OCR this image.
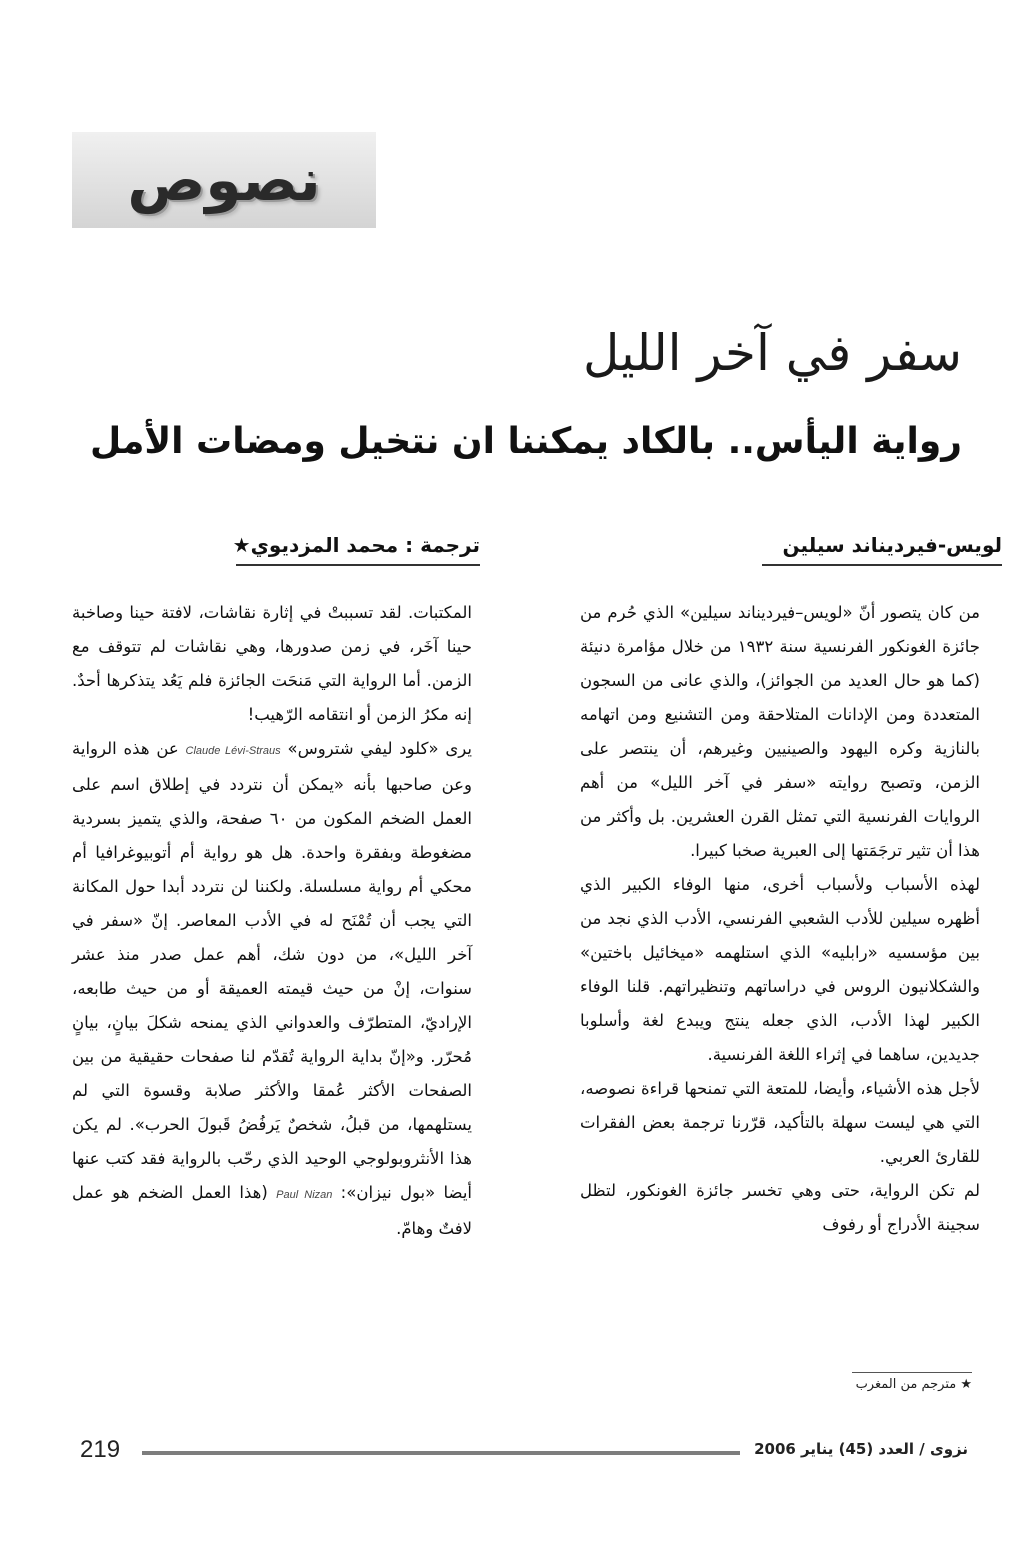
نصوص
سفر في آخر الليل
رواية اليأس.. بالكاد يمكننا ان نتخيل ومضات الأمل
لويس-فيرديناند سيلين
ترجمة : محمد المزديوي★

من كان يتصور أنّ «لويس–فيرديناند سيلين» الذي حُرم من جائزة الغونكور الفرنسية سنة ١٩٣٢ من خلال مؤامرة دنيئة (كما هو حال العديد من الجوائز)، والذي عانى من السجون المتعددة ومن الإدانات المتلاحقة ومن التشنيع ومن اتهامه بالنازية وكره اليهود والصينيين وغيرهم، أن ينتصر على الزمن، وتصبح روايته «سفر في آخر الليل» من أهم الروايات الفرنسية التي تمثل القرن العشرين. بل وأكثر من هذا أن تثير ترجَمَتها إلى العبرية صخبا كبيرا.

لهذه الأسباب ولأسباب أخرى، منها الوفاء الكبير الذي أظهره سيلين للأدب الشعبي الفرنسي، الأدب الذي نجد من بين مؤسسيه «رابليه» الذي استلهمه «ميخائيل باختين» والشكلانيون الروس في دراساتهم وتنظيراتهم. قلنا الوفاء الكبير لهذا الأدب، الذي جعله ينتج ويبدع لغة وأسلوبا جديدين، ساهما في إثراء اللغة الفرنسية.

لأجل هذه الأشياء، وأيضا، للمتعة التي تمنحها قراءة نصوصه، التي هي ليست سهلة بالتأكيد، قرّرنا ترجمة بعض الفقرات للقارئ العربي.

لم تكن الرواية، حتى وهي تخسر جائزة الغونكور، لتظل سجينة الأدراج أو رفوف

المكتبات. لقد تسببتْ في إثارة نقاشات، لافتة حينا وصاخبة حينا آخَر، في زمن صدورها، وهي نقاشات لم تتوقف مع الزمن. أما الرواية التي مَنحَت الجائزة فلم يَعُد يتذكرها أحدٌ. إنه مكرُ الزمن أو انتقامه الرّهيب!

يرى «كلود ليفي شتروس» Claude Lévi-Straus عن هذه الرواية وعن صاحبها بأنه «يمكن أن نتردد في إطلاق اسم على العمل الضخم المكون من ٦٠ صفحة، والذي يتميز بسردية مضغوطة وبفقرة واحدة. هل هو رواية أم أتوبيوغرافيا أم محكي أم رواية مسلسلة. ولكننا لن نتردد أبدا حول المكانة التي يجب أن تُمْنَح له في الأدب المعاصر. إنّ «سفر في آخر الليل»، من دون شك، أهم عمل صدر منذ عشر سنوات، إنْ من حيث قيمته العميقة أو من حيث طابعه، الإراديّ، المتطرّف والعدواني الذي يمنحه شكلَ بيانٍ، بيانٍ مُحرّر. و«إنّ بداية الرواية تُقدّم لنا صفحات حقيقية من بين الصفحات الأكثر عُمقا والأكثر صلابة وقسوة التي لم يستلهمها، من قبلُ، شخصٌ يَرفُضُ قَبولَ الحرب». لم يكن هذا الأنثروبولوجي الوحيد الذي رحّب بالرواية فقد كتب عنها أيضا «بول نيزان»: Paul Nizan (هذا العمل الضخم هو عمل لافتٌ وهامّ.

★ مترجم من المغرب
219	نزوى / العدد (45) يناير 2006
